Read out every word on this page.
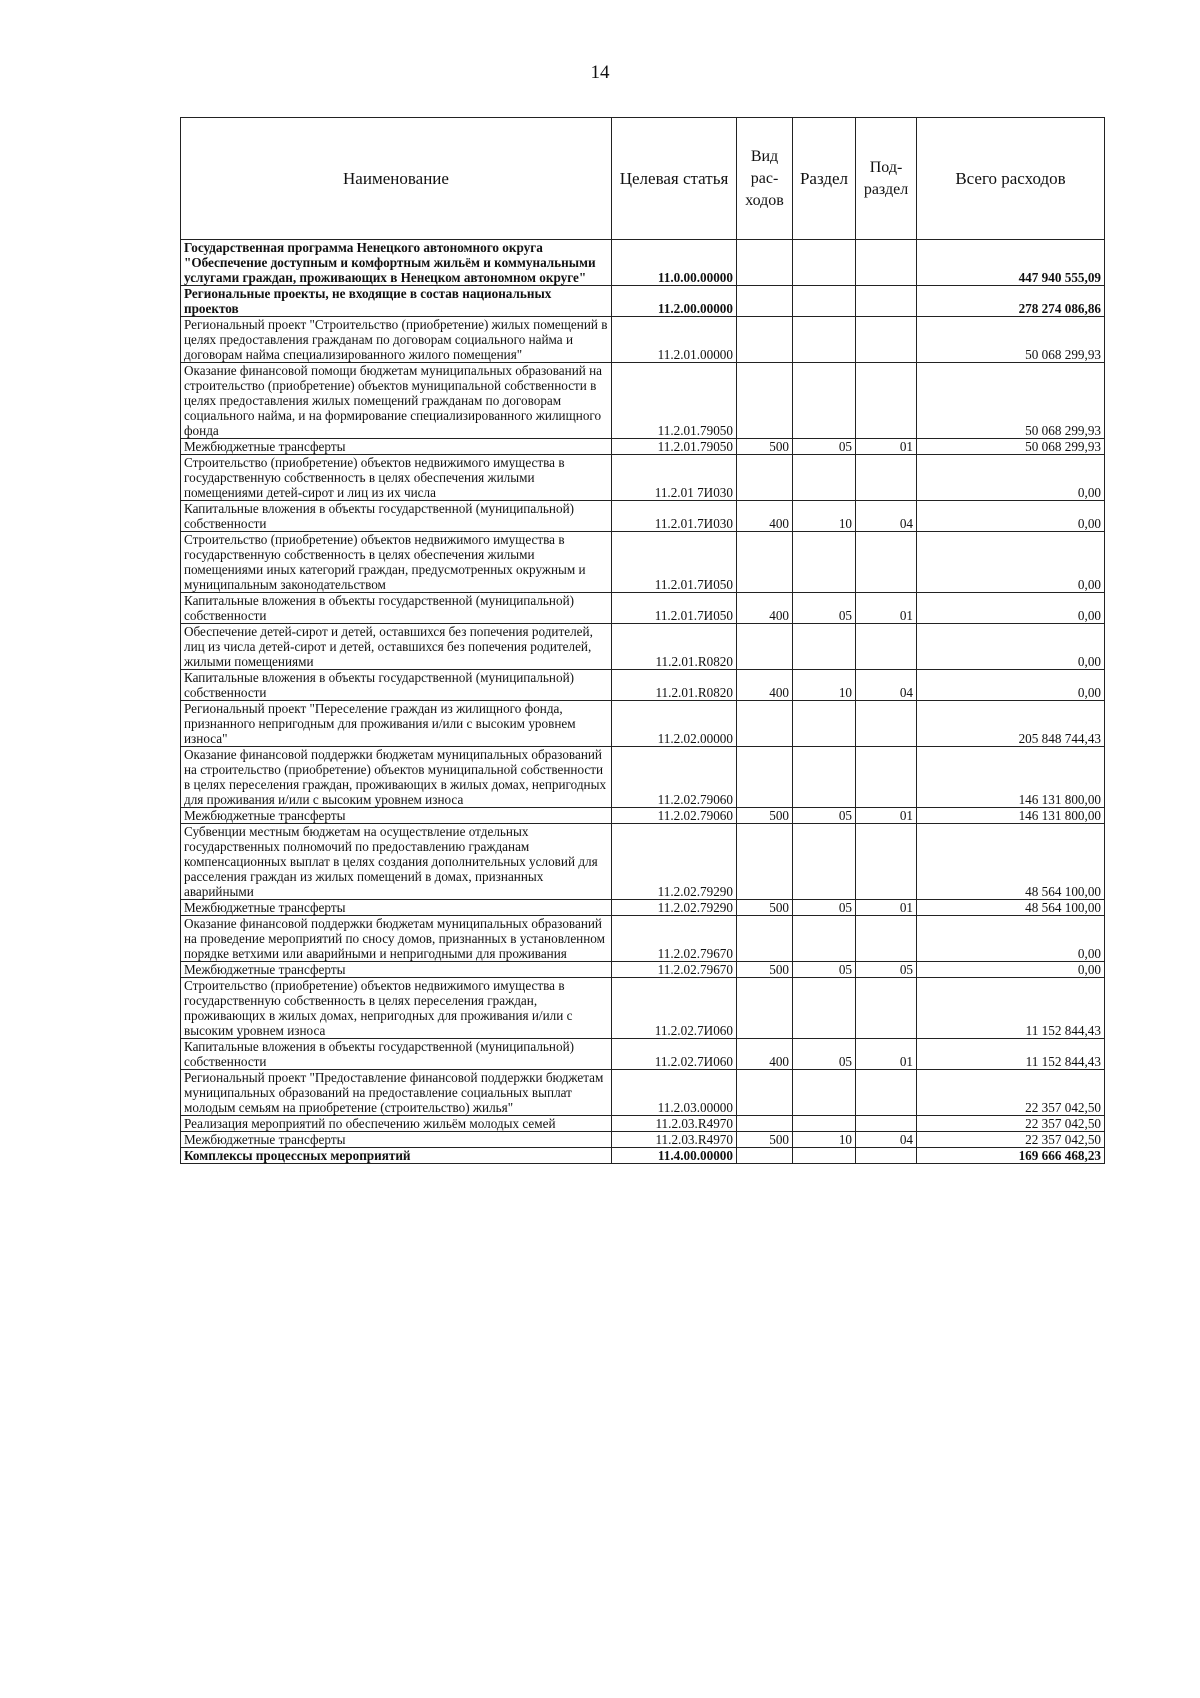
14
Наименование	Целевая статья	Вид рас-ходов	Раздел	Под-раздел	Всего расходов
Государственная программа Ненецкого автономного округа "Обеспечение доступным и комфортным жильём и коммунальными услугами граждан, проживающих в Ненецком автономном округе"	11.0.00.00000				447 940 555,09
Региональные проекты, не входящие в состав национальных проектов	11.2.00.00000				278 274 086,86
Региональный проект "Строительство (приобретение) жилых помещений в целях предоставления гражданам по договорам социального найма и договорам найма специализированного жилого помещения"	11.2.01.00000				50 068 299,93
Оказание финансовой помощи бюджетам муниципальных образований на строительство (приобретение) объектов муниципальной собственности в целях предоставления жилых помещений гражданам по договорам социального найма, и на формирование специализированного жилищного фонда	11.2.01.79050				50 068 299,93
Межбюджетные трансферты	11.2.01.79050	500	05	01	50 068 299,93
Строительство (приобретение) объектов недвижимого имущества в государственную собственность в целях обеспечения жилыми помещениями детей-сирот и лиц из их числа	11.2.01 7И030				0,00
Капитальные вложения в объекты государственной (муниципальной) собственности	11.2.01.7И030	400	10	04	0,00
Строительство (приобретение) объектов недвижимого имущества в государственную собственность в целях обеспечения жилыми помещениями иных категорий граждан, предусмотренных окружным и муниципальным законодательством	11.2.01.7И050				0,00
Капитальные вложения в объекты государственной (муниципальной) собственности	11.2.01.7И050	400	05	01	0,00
Обеспечение детей-сирот и детей, оставшихся без попечения родителей, лиц из числа детей-сирот и детей, оставшихся без попечения родителей, жилыми помещениями	11.2.01.R0820				0,00
Капитальные вложения в объекты государственной (муниципальной) собственности	11.2.01.R0820	400	10	04	0,00
Региональный проект "Переселение граждан из жилищного фонда, признанного непригодным для проживания и/или с высоким уровнем износа"	11.2.02.00000				205 848 744,43
Оказание финансовой поддержки бюджетам муниципальных образований на строительство (приобретение) объектов муниципальной собственности в целях переселения граждан, проживающих в жилых домах, непригодных для проживания и/или с высоким уровнем износа	11.2.02.79060				146 131 800,00
Межбюджетные трансферты	11.2.02.79060	500	05	01	146 131 800,00
Субвенции местным бюджетам на осуществление отдельных государственных полномочий по предоставлению гражданам компенсационных выплат в целях создания дополнительных условий для расселения граждан из жилых помещений в домах, признанных аварийными	11.2.02.79290				48 564 100,00
Межбюджетные трансферты	11.2.02.79290	500	05	01	48 564 100,00
Оказание финансовой поддержки бюджетам муниципальных образований на проведение мероприятий по сносу домов, признанных в установленном порядке ветхими или аварийными и непригодными для проживания	11.2.02.79670				0,00
Межбюджетные трансферты	11.2.02.79670	500	05	05	0,00
Строительство (приобретение) объектов недвижимого имущества в государственную собственность в целях переселения граждан, проживающих в жилых домах, непригодных для проживания и/или с высоким уровнем износа	11.2.02.7И060				11 152 844,43
Капитальные вложения в объекты государственной (муниципальной) собственности	11.2.02.7И060	400	05	01	11 152 844,43
Региональный проект "Предоставление финансовой поддержки бюджетам муниципальных образований на предоставление социальных выплат молодым семьям на приобретение (строительство) жилья"	11.2.03.00000				22 357 042,50
Реализация мероприятий по обеспечению жильём молодых семей	11.2.03.R4970				22 357 042,50
Межбюджетные трансферты	11.2.03.R4970	500	10	04	22 357 042,50
Комплексы процессных мероприятий	11.4.00.00000				169 666 468,23
